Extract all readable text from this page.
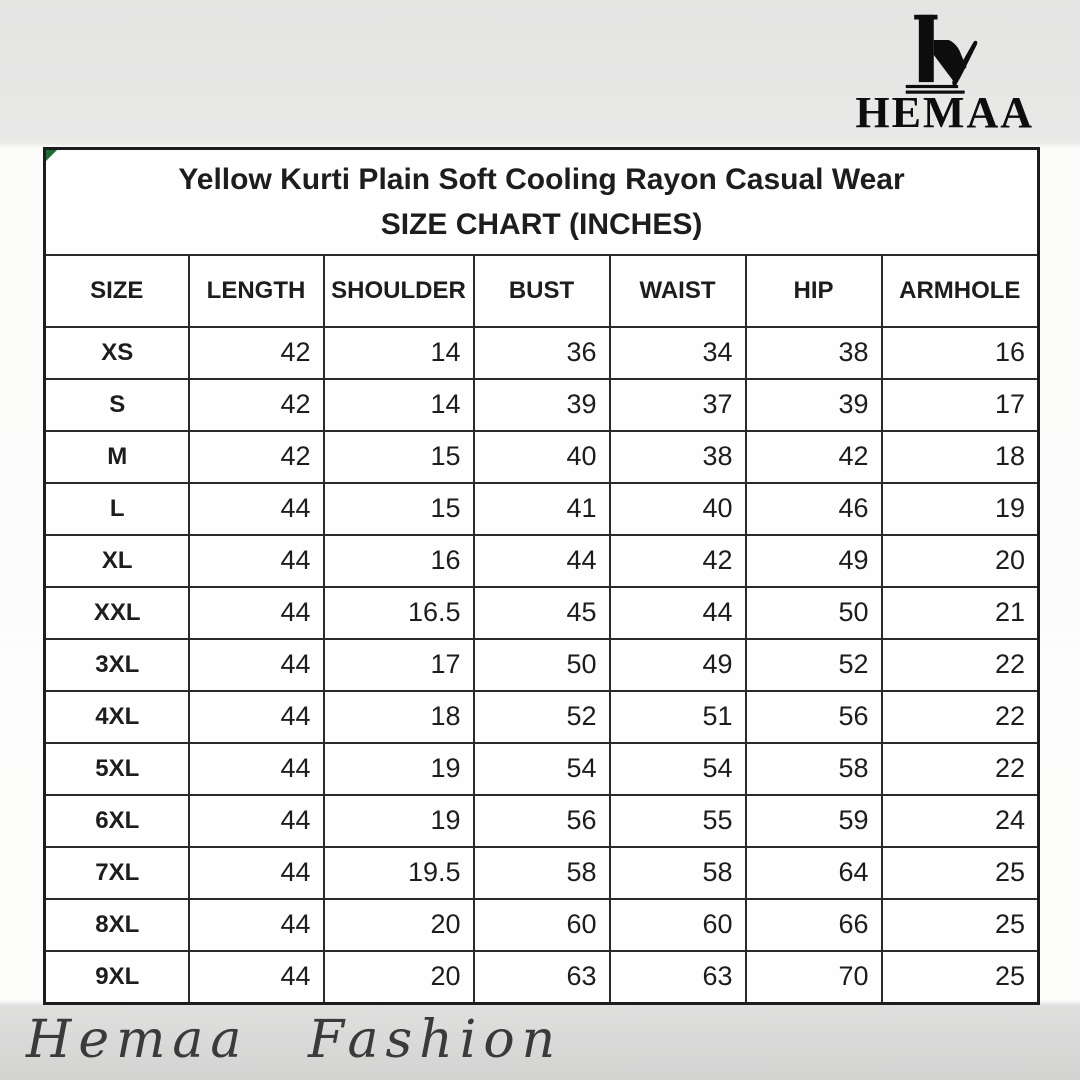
HEMAA
Yellow Kurti Plain Soft Cooling Rayon Casual Wear
SIZE CHART (INCHES)						

SIZE	LENGTH	SHOULDER	BUST	WAIST	HIP	ARMHOLE
XS	42	14	36	34	38	16
S	42	14	39	37	39	17
M	42	15	40	38	42	18
L	44	15	41	40	46	19
XL	44	16	44	42	49	20
XXL	44	16.5	45	44	50	21
3XL	44	17	50	49	52	22
4XL	44	18	52	51	56	22
5XL	44	19	54	54	58	22
6XL	44	19	56	55	59	24
7XL	44	19.5	58	58	64	25
8XL	44	20	60	60	66	25
9XL	44	20	63	63	70	25
Hemaa Fashion
